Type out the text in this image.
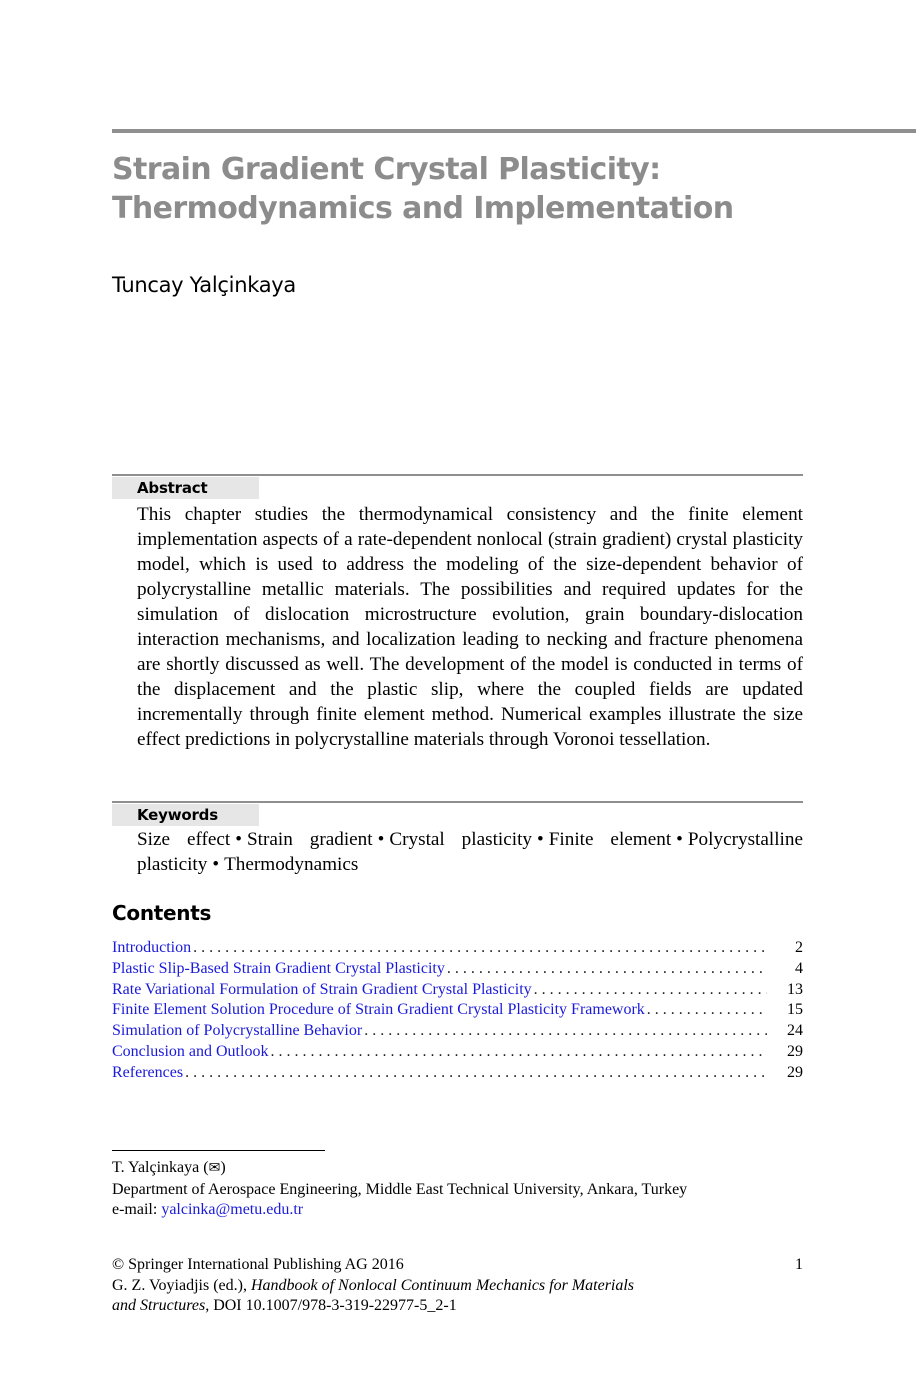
Strain Gradient Crystal Plasticity:
Thermodynamics and Implementation
Tuncay Yalçinkaya
Abstract

This chapter studies the thermodynamical consistency and the finite element implementation aspects of a rate-dependent nonlocal (strain gradient) crystal plasticity model, which is used to address the modeling of the size-dependent behavior of polycrystalline metallic materials. The possibilities and required updates for the simulation of dislocation microstructure evolution, grain boundary-dislocation interaction mechanisms, and localization leading to necking and fracture phenomena are shortly discussed as well. The development of the model is conducted in terms of the displacement and the plastic slip, where the coupled fields are updated incrementally through finite element method. Numerical examples illustrate the size effect predictions in polycrystalline materials through Voronoi tessellation.

Keywords

Size effect • Strain gradient • Crystal plasticity • Finite element • Polycrystalline plasticity • Thermodynamics

Contents
Introduction . . .	2
Plastic Slip-Based Strain Gradient Crystal Plasticity . . .	4
Rate Variational Formulation of Strain Gradient Crystal Plasticity . . .	13
Finite Element Solution Procedure of Strain Gradient Crystal Plasticity Framework . . .	15
Simulation of Polycrystalline Behavior . . .	24
Conclusion and Outlook . . .	29
References . . .	29
T. Yalçinkaya (✉)
Department of Aerospace Engineering, Middle East Technical University, Ankara, Turkey
e-mail: yalcinka@metu.edu.tr
© Springer International Publishing AG 2016
G. Z. Voyiadjis (ed.), Handbook of Nonlocal Continuum Mechanics for Materials
and Structures, DOI 10.1007/978-3-319-22977-5_2-1
1
